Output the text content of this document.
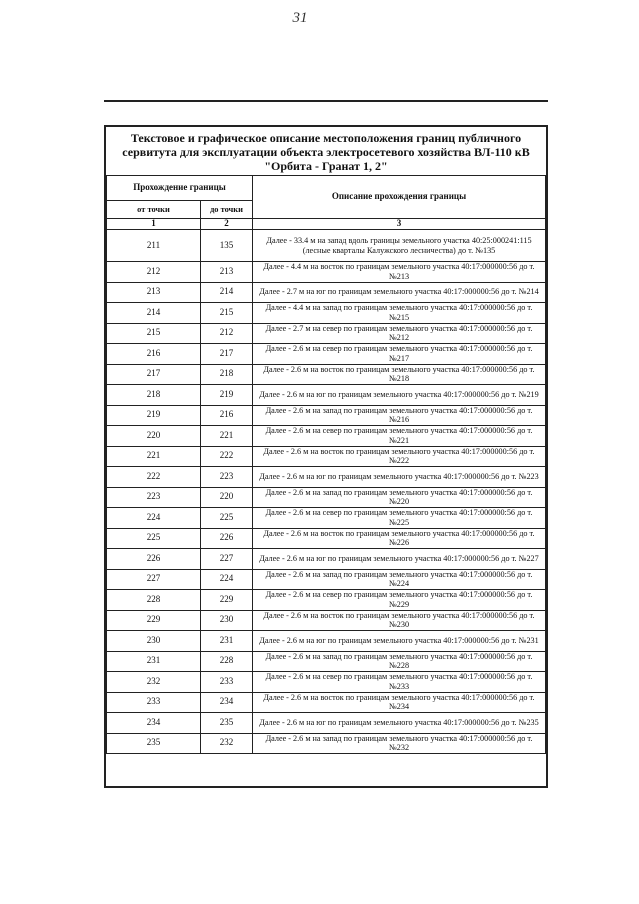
31
Текстовое и графическое описание местоположения границ публичного
сервитута для эксплуатации объекта электросетевого хозяйства ВЛ-110 кВ
"Орбита - Гранат 1, 2"
Прохождение границы		Описание прохождения границы
от точки	до точки	
1	2	3
211	135	Далее - 33.4 м на запад вдоль границы земельного участка 40:25:000241:115 (лесные кварталы Калужского лесничества) до т. №135
212	213	Далее - 4.4 м на восток по границам земельного участка 40:17:000000:56 до т. №213
213	214	Далее - 2.7 м на юг по границам земельного участка 40:17:000000:56 до т. №214
214	215	Далее - 4.4 м на запад по границам земельного участка 40:17:000000:56 до т. №215
215	212	Далее - 2.7 м на север по границам земельного участка 40:17:000000:56 до т. №212
216	217	Далее - 2.6 м на север по границам земельного участка 40:17:000000:56 до т. №217
217	218	Далее - 2.6 м на восток по границам земельного участка 40:17:000000:56 до т. №218
218	219	Далее - 2.6 м на юг по границам земельного участка 40:17:000000:56 до т. №219
219	216	Далее - 2.6 м на запад по границам земельного участка 40:17:000000:56 до т. №216
220	221	Далее - 2.6 м на север по границам земельного участка 40:17:000000:56 до т. №221
221	222	Далее - 2.6 м на восток по границам земельного участка 40:17:000000:56 до т. №222
222	223	Далее - 2.6 м на юг по границам земельного участка 40:17:000000:56 до т. №223
223	220	Далее - 2.6 м на запад по границам земельного участка 40:17:000000:56 до т. №220
224	225	Далее - 2.6 м на север по границам земельного участка 40:17:000000:56 до т. №225
225	226	Далее - 2.6 м на восток по границам земельного участка 40:17:000000:56 до т. №226
226	227	Далее - 2.6 м на юг по границам земельного участка 40:17:000000:56 до т. №227
227	224	Далее - 2.6 м на запад по границам земельного участка 40:17:000000:56 до т. №224
228	229	Далее - 2.6 м на север по границам земельного участка 40:17:000000:56 до т. №229
229	230	Далее - 2.6 м на восток по границам земельного участка 40:17:000000:56 до т. №230
230	231	Далее - 2.6 м на юг по границам земельного участка 40:17:000000:56 до т. №231
231	228	Далее - 2.6 м на запад по границам земельного участка 40:17:000000:56 до т. №228
232	233	Далее - 2.6 м на север по границам земельного участка 40:17:000000:56 до т. №233
233	234	Далее - 2.6 м на восток по границам земельного участка 40:17:000000:56 до т. №234
234	235	Далее - 2.6 м на юг по границам земельного участка 40:17:000000:56 до т. №235
235	232	Далее - 2.6 м на запад по границам земельного участка 40:17:000000:56 до т. №232
